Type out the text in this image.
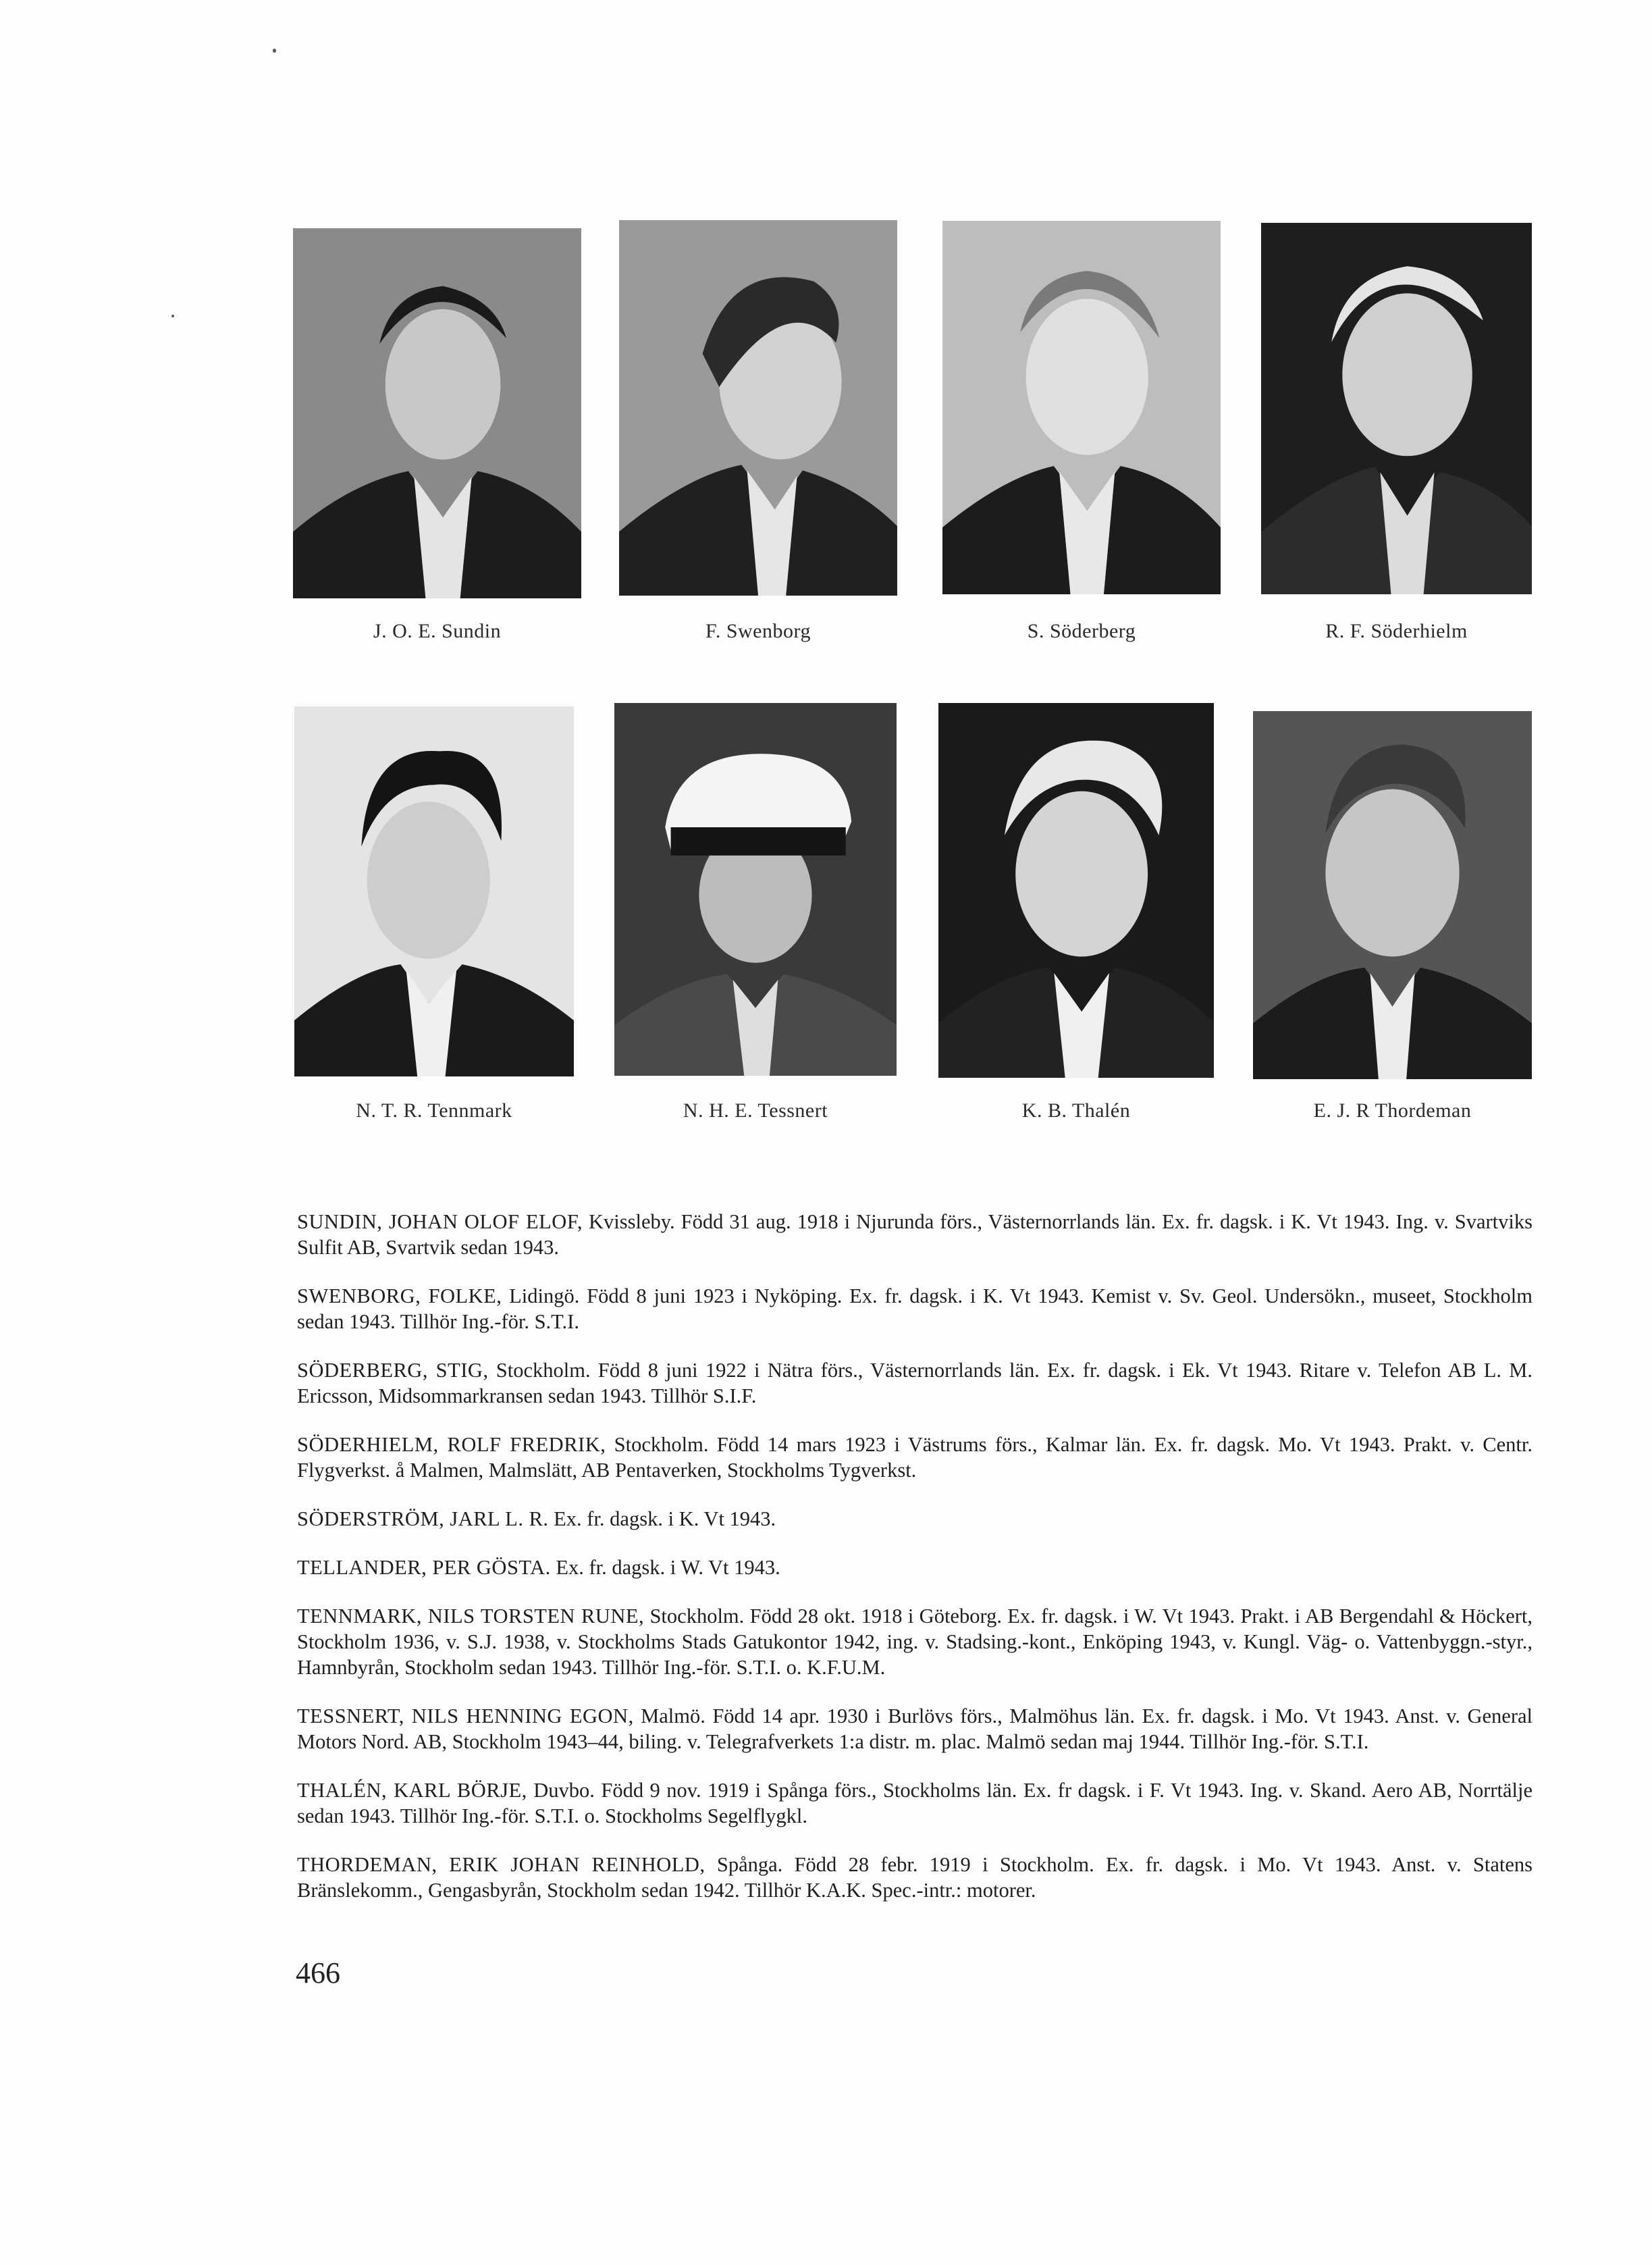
J. O. E. Sundin	F. Swenborg	S. Söderberg	R. F. Söderhielm
N. T. R. Tennmark	N. H. E. Tessnert	K. B. Thalén	E. J. R Thordeman

SUNDIN, JOHAN OLOF ELOF, Kvissleby. Född 31 aug. 1918 i Njurunda förs., Västernorrlands län. Ex. fr. dagsk. i K. Vt 1943. Ing. v. Svartviks Sulfit AB, Svartvik sedan 1943.

SWENBORG, FOLKE, Lidingö. Född 8 juni 1923 i Nyköping. Ex. fr. dagsk. i K. Vt 1943. Kemist v. Sv. Geol. Undersökn., museet, Stockholm sedan 1943. Tillhör Ing.-för. S.T.I.

SÖDERBERG, STIG, Stockholm. Född 8 juni 1922 i Nätra förs., Västernorrlands län. Ex. fr. dagsk. i Ek. Vt 1943. Ritare v. Telefon AB L. M. Ericsson, Midsommarkransen sedan 1943. Tillhör S.I.F.

SÖDERHIELM, ROLF FREDRIK, Stockholm. Född 14 mars 1923 i Västrums förs., Kalmar län. Ex. fr. dagsk. Mo. Vt 1943. Prakt. v. Centr. Flygverkst. å Malmen, Malmslätt, AB Pentaverken, Stockholms Tygverkst.

SÖDERSTRÖM, JARL L. R. Ex. fr. dagsk. i K. Vt 1943.

TELLANDER, PER GÖSTA. Ex. fr. dagsk. i W. Vt 1943.

TENNMARK, NILS TORSTEN RUNE, Stockholm. Född 28 okt. 1918 i Göteborg. Ex. fr. dagsk. i W. Vt 1943. Prakt. i AB Bergendahl & Höckert, Stockholm 1936, v. S.J. 1938, v. Stockholms Stads Gatukontor 1942, ing. v. Stadsing.-kont., Enköping 1943, v. Kungl. Väg- o. Vattenbyggn.-styr., Hamnbyrån, Stockholm sedan 1943. Tillhör Ing.-för. S.T.I. o. K.F.U.M.

TESSNERT, NILS HENNING EGON, Malmö. Född 14 apr. 1930 i Burlövs förs., Malmöhus län. Ex. fr. dagsk. i Mo. Vt 1943. Anst. v. General Motors Nord. AB, Stockholm 1943–44, biling. v. Telegrafverkets 1:a distr. m. plac. Malmö sedan maj 1944. Tillhör Ing.-för. S.T.I.

THALÉN, KARL BÖRJE, Duvbo. Född 9 nov. 1919 i Spånga förs., Stockholms län. Ex. fr dagsk. i F. Vt 1943. Ing. v. Skand. Aero AB, Norrtälje sedan 1943. Tillhör Ing.-för. S.T.I. o. Stockholms Segelflygkl.

THORDEMAN, ERIK JOHAN REINHOLD, Spånga. Född 28 febr. 1919 i Stockholm. Ex. fr. dagsk. i Mo. Vt 1943. Anst. v. Statens Bränslekomm., Gengasbyrån, Stockholm sedan 1942. Tillhör K.A.K. Spec.-intr.: motorer.

466
